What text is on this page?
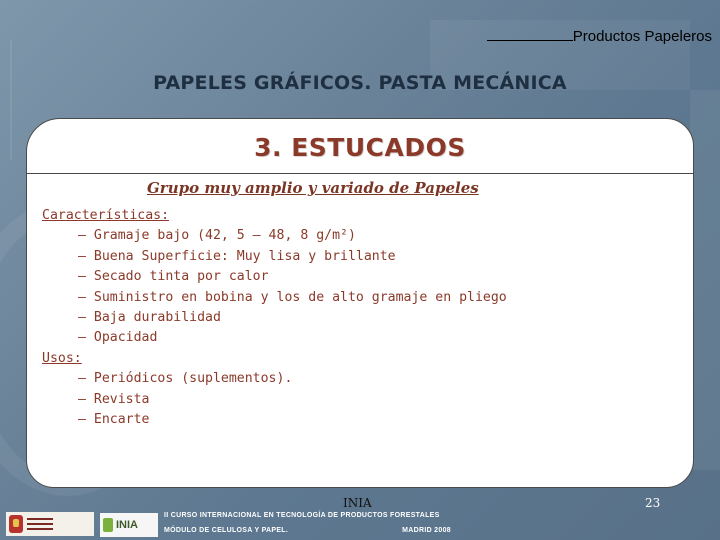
Productos Papeleros
PAPELES GRÁFICOS. PASTA MECÁNICA
3. ESTUCADOS
Grupo muy amplio y variado de Papeles
Características:
– Gramaje bajo (42, 5 – 48, 8 g/m²)
– Buena Superficie: Muy lisa y brillante
– Secado tinta por calor
– Suministro en bobina y los de alto gramaje en pliego
– Baja durabilidad
– Opacidad
Usos:
– Periódicos (suplementos).
– Revista
– Encarte
INIA	23
INIA
II CURSO INTERNACIONAL EN TECNOLOGÍA DE PRODUCTOS FORESTALES
MÓDULO DE CELULOSA Y PAPEL.	MADRID 2008
